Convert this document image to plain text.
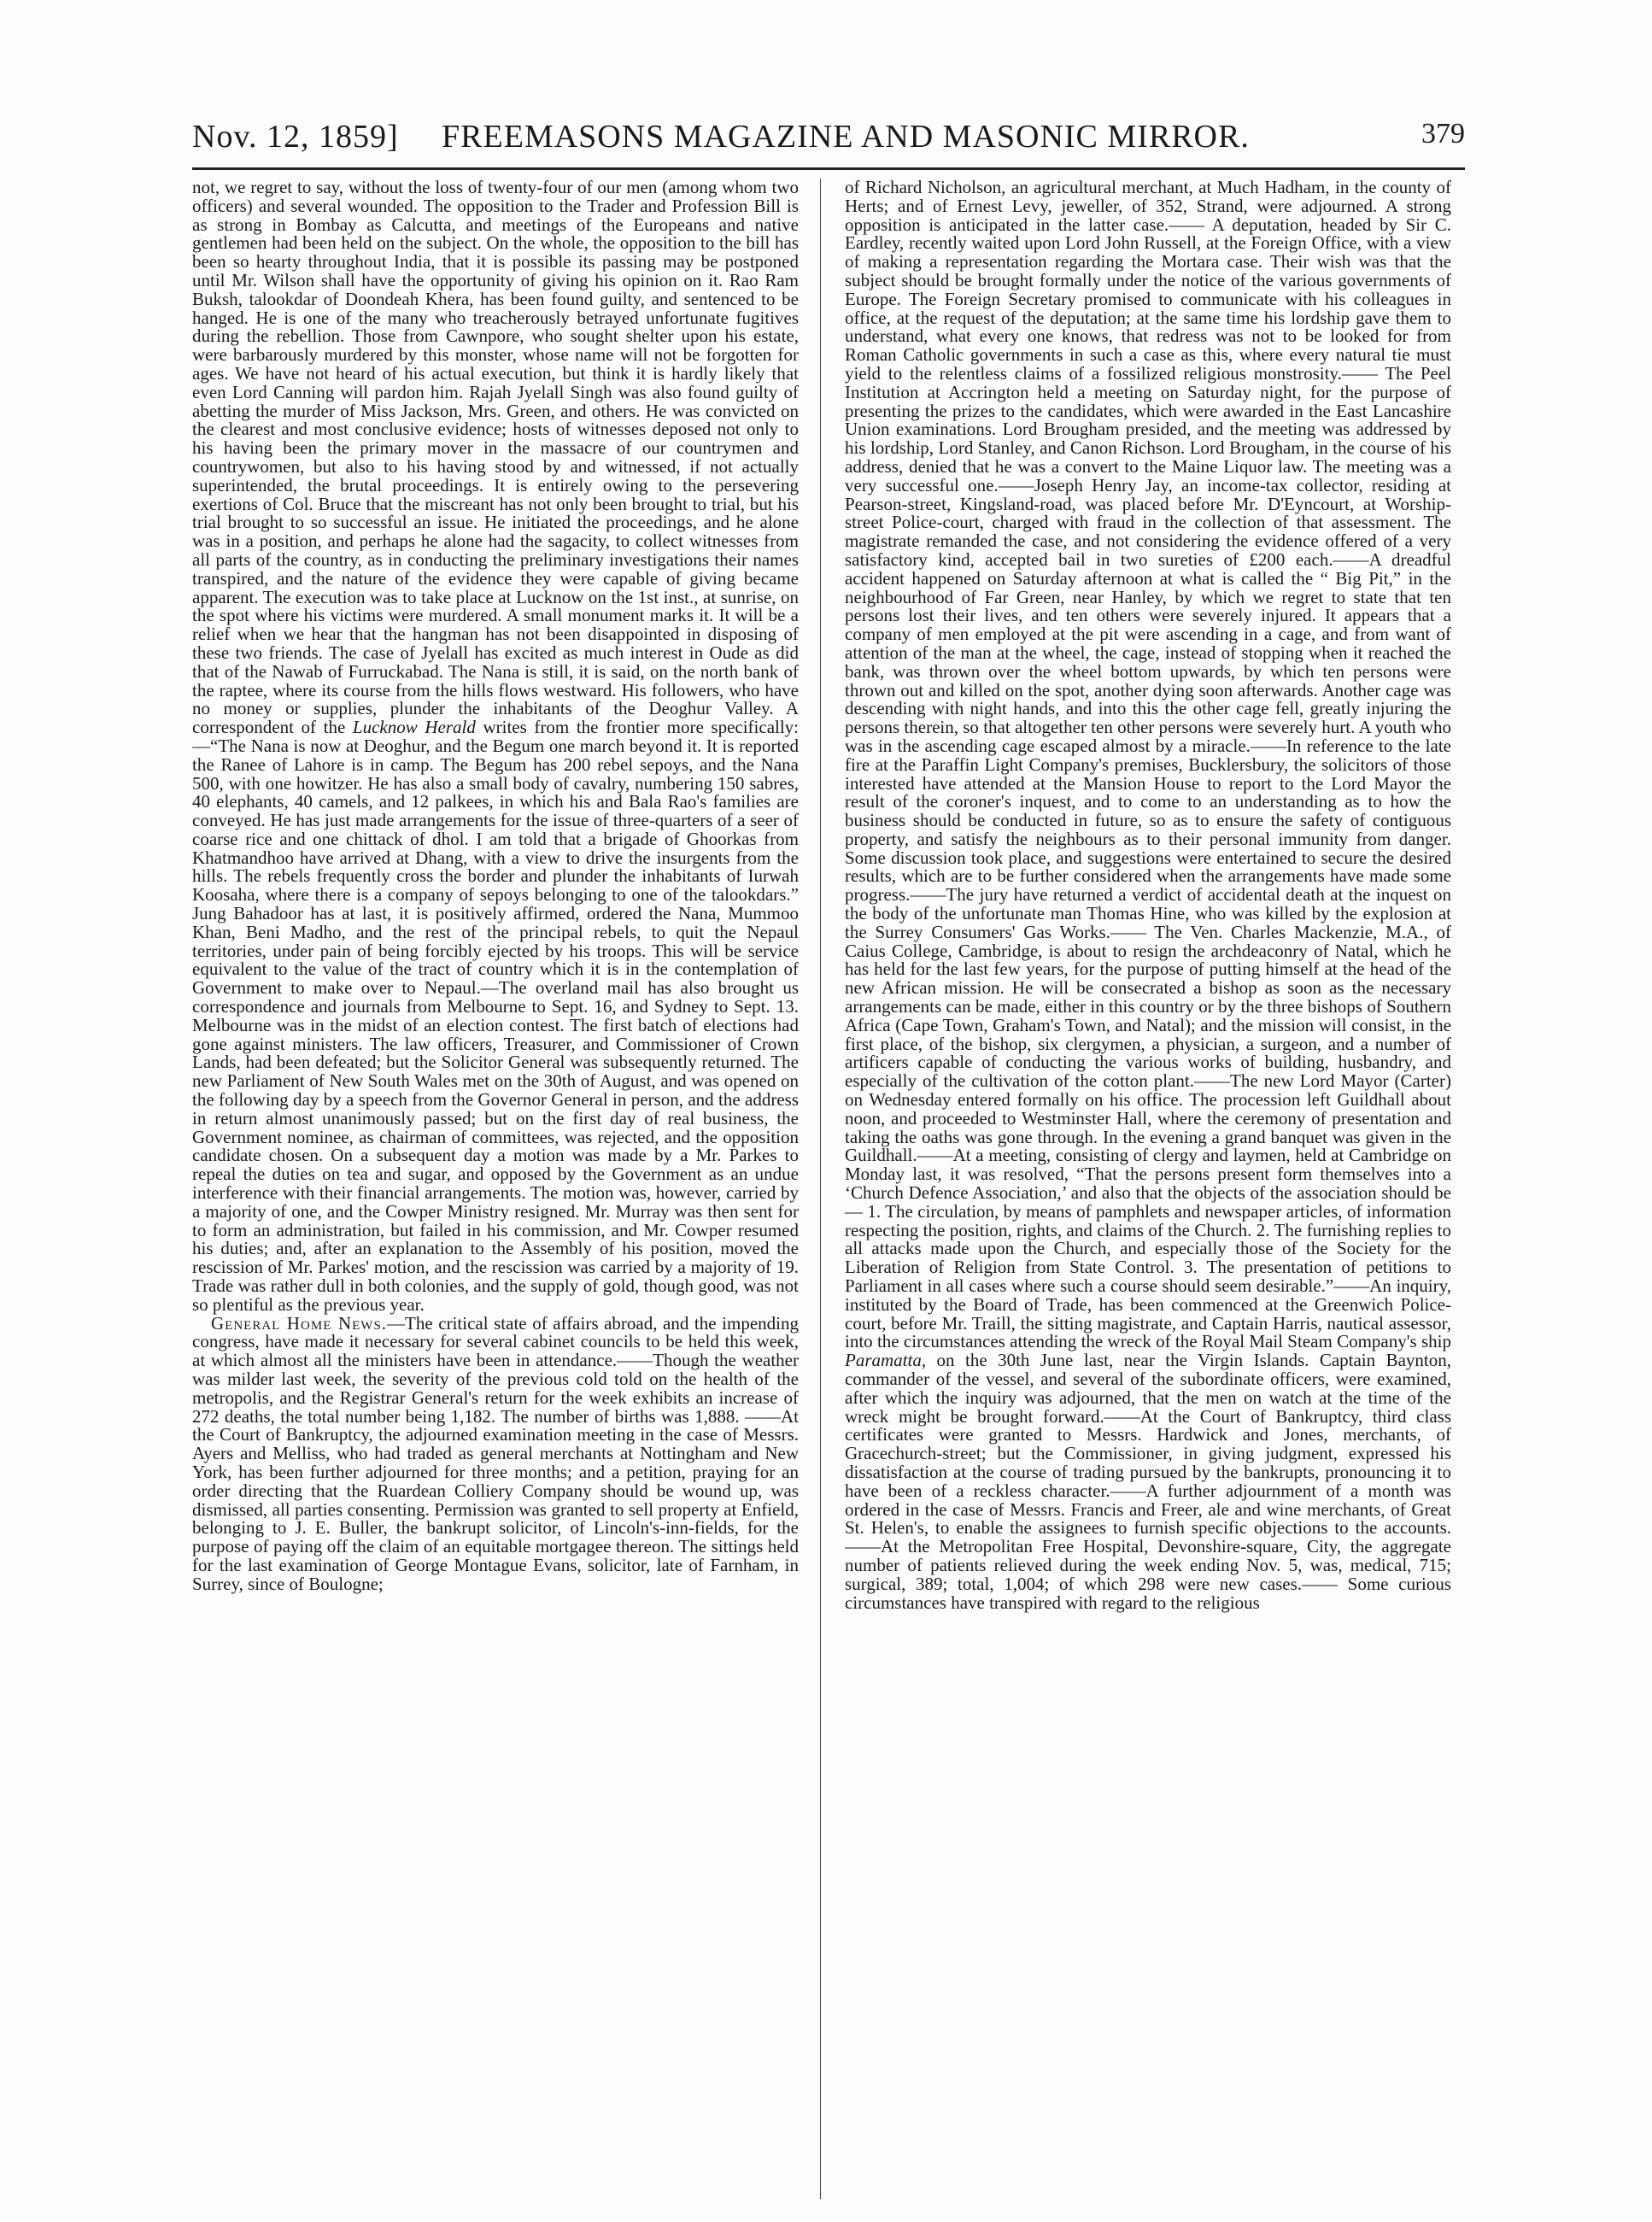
Nov. 12, 1859] FREEMASONS MAGAZINE AND MASONIC MIRROR.	379

not, we regret to say, without the loss of twenty-four of our men (among whom two officers) and several wounded. The opposition to the Trader and Profession Bill is as strong in Bombay as Calcutta, and meetings of the Europeans and native gentlemen had been held on the subject. On the whole, the opposition to the bill has been so hearty throughout India, that it is possible its passing may be postponed until Mr. Wilson shall have the opportunity of giving his opinion on it. Rao Ram Buksh, talookdar of Doondeah Khera, has been found guilty, and sentenced to be hanged. He is one of the many who treacherously betrayed unfortunate fugitives during the rebellion. Those from Cawnpore, who sought shelter upon his estate, were barbarously murdered by this monster, whose name will not be forgotten for ages. We have not heard of his actual execution, but think it is hardly likely that even Lord Canning will pardon him. Rajah Jyelall Singh was also found guilty of abetting the murder of Miss Jackson, Mrs. Green, and others. He was convicted on the clearest and most conclusive evidence; hosts of witnesses deposed not only to his having been the primary mover in the massacre of our countrymen and countrywomen, but also to his having stood by and witnessed, if not actually superintended, the brutal proceedings. It is entirely owing to the persevering exertions of Col. Bruce that the miscreant has not only been brought to trial, but his trial brought to so successful an issue. He initiated the proceedings, and he alone was in a position, and perhaps he alone had the sagacity, to collect witnesses from all parts of the country, as in conducting the preliminary investigations their names transpired, and the nature of the evidence they were capable of giving became apparent. The execution was to take place at Lucknow on the 1st inst., at sunrise, on the spot where his victims were murdered. A small monument marks it. It will be a relief when we hear that the hangman has not been disappointed in disposing of these two friends. The case of Jyelall has excited as much interest in Oude as did that of the Nawab of Furruckabad. The Nana is still, it is said, on the north bank of the raptee, where its course from the hills flows westward. His followers, who have no money or supplies, plunder the inhabitants of the Deoghur Valley. A correspondent of the Lucknow Herald writes from the frontier more specifically:—“The Nana is now at Deoghur, and the Begum one march beyond it. It is reported the Ranee of Lahore is in camp. The Begum has 200 rebel sepoys, and the Nana 500, with one howitzer. He has also a small body of cavalry, numbering 150 sabres, 40 elephants, 40 camels, and 12 palkees, in which his and Bala Rao's families are conveyed. He has just made arrangements for the issue of three-quarters of a seer of coarse rice and one chittack of dhol. I am told that a brigade of Ghoorkas from Khatmandhoo have arrived at Dhang, with a view to drive the insurgents from the hills. The rebels frequently cross the border and plunder the inhabitants of Iurwah Koosaha, where there is a company of sepoys belonging to one of the talookdars.” Jung Bahadoor has at last, it is positively affirmed, ordered the Nana, Mummoo Khan, Beni Madho, and the rest of the principal rebels, to quit the Nepaul territories, under pain of being forcibly ejected by his troops. This will be service equivalent to the value of the tract of country which it is in the contemplation of Government to make over to Nepaul.—The overland mail has also brought us correspondence and journals from Melbourne to Sept. 16, and Sydney to Sept. 13. Melbourne was in the midst of an election contest. The first batch of elections had gone against ministers. The law officers, Treasurer, and Commissioner of Crown Lands, had been defeated; but the Solicitor General was subsequently returned. The new Parliament of New South Wales met on the 30th of August, and was opened on the following day by a speech from the Governor General in person, and the address in return almost unanimously passed; but on the first day of real business, the Government nominee, as chairman of committees, was rejected, and the opposition candidate chosen. On a subsequent day a motion was made by a Mr. Parkes to repeal the duties on tea and sugar, and opposed by the Government as an undue interference with their financial arrangements. The motion was, however, carried by a majority of one, and the Cowper Ministry resigned. Mr. Murray was then sent for to form an administration, but failed in his commission, and Mr. Cowper resumed his duties; and, after an explanation to the Assembly of his position, moved the rescission of Mr. Parkes' motion, and the rescission was carried by a majority of 19. Trade was rather dull in both colonies, and the supply of gold, though good, was not so plentiful as the previous year.

General Home News.—The critical state of affairs abroad, and the impending congress, have made it necessary for several cabinet councils to be held this week, at which almost all the ministers have been in attendance.——Though the weather was milder last week, the severity of the previous cold told on the health of the metropolis, and the Registrar General's return for the week exhibits an increase of 272 deaths, the total number being 1,182. The number of births was 1,888. ——At the Court of Bankruptcy, the adjourned examination meeting in the case of Messrs. Ayers and Melliss, who had traded as general merchants at Nottingham and New York, has been further adjourned for three months; and a petition, praying for an order directing that the Ruardean Colliery Company should be wound up, was dismissed, all parties consenting. Permission was granted to sell property at Enfield, belonging to J. E. Buller, the bankrupt solicitor, of Lincoln's-inn-fields, for the purpose of paying off the claim of an equitable mortgagee thereon. The sittings held for the last examination of George Montague Evans, solicitor, late of Farnham, in Surrey, since of Boulogne;

of Richard Nicholson, an agricultural merchant, at Much Hadham, in the county of Herts; and of Ernest Levy, jeweller, of 352, Strand, were adjourned. A strong opposition is anticipated in the latter case.—— A deputation, headed by Sir C. Eardley, recently waited upon Lord John Russell, at the Foreign Office, with a view of making a representation regarding the Mortara case. Their wish was that the subject should be brought formally under the notice of the various governments of Europe. The Foreign Secretary promised to communicate with his colleagues in office, at the request of the deputation; at the same time his lordship gave them to understand, what every one knows, that redress was not to be looked for from Roman Catholic governments in such a case as this, where every natural tie must yield to the relentless claims of a fossilized religious monstrosity.—— The Peel Institution at Accrington held a meeting on Saturday night, for the purpose of presenting the prizes to the candidates, which were awarded in the East Lancashire Union examinations. Lord Brougham presided, and the meeting was addressed by his lordship, Lord Stanley, and Canon Richson. Lord Brougham, in the course of his address, denied that he was a convert to the Maine Liquor law. The meeting was a very successful one.——Joseph Henry Jay, an income-tax collector, residing at Pearson-street, Kingsland-road, was placed before Mr. D'Eyncourt, at Worship-street Police-court, charged with fraud in the collection of that assessment. The magistrate remanded the case, and not considering the evidence offered of a very satisfactory kind, accepted bail in two sureties of £200 each.——A dreadful accident happened on Saturday afternoon at what is called the “ Big Pit,” in the neighbourhood of Far Green, near Hanley, by which we regret to state that ten persons lost their lives, and ten others were severely injured. It appears that a company of men employed at the pit were ascending in a cage, and from want of attention of the man at the wheel, the cage, instead of stopping when it reached the bank, was thrown over the wheel bottom upwards, by which ten persons were thrown out and killed on the spot, another dying soon afterwards. Another cage was descending with night hands, and into this the other cage fell, greatly injuring the persons therein, so that altogether ten other persons were severely hurt. A youth who was in the ascending cage escaped almost by a miracle.——In reference to the late fire at the Paraffin Light Company's premises, Bucklersbury, the solicitors of those interested have attended at the Mansion House to report to the Lord Mayor the result of the coroner's inquest, and to come to an understanding as to how the business should be conducted in future, so as to ensure the safety of contiguous property, and satisfy the neighbours as to their personal immunity from danger. Some discussion took place, and suggestions were entertained to secure the desired results, which are to be further considered when the arrangements have made some progress.——The jury have returned a verdict of accidental death at the inquest on the body of the unfortunate man Thomas Hine, who was killed by the explosion at the Surrey Consumers' Gas Works.—— The Ven. Charles Mackenzie, M.A., of Caius College, Cambridge, is about to resign the archdeaconry of Natal, which he has held for the last few years, for the purpose of putting himself at the head of the new African mission. He will be consecrated a bishop as soon as the necessary arrangements can be made, either in this country or by the three bishops of Southern Africa (Cape Town, Graham's Town, and Natal); and the mission will consist, in the first place, of the bishop, six clergymen, a physician, a surgeon, and a number of artificers capable of conducting the various works of building, husbandry, and especially of the cultivation of the cotton plant.——The new Lord Mayor (Carter) on Wednesday entered formally on his office. The procession left Guildhall about noon, and proceeded to Westminster Hall, where the ceremony of presentation and taking the oaths was gone through. In the evening a grand banquet was given in the Guildhall.——At a meeting, consisting of clergy and laymen, held at Cambridge on Monday last, it was resolved, “That the persons present form themselves into a ‘Church Defence Association,’ and also that the objects of the association should be— 1. The circulation, by means of pamphlets and newspaper articles, of information respecting the position, rights, and claims of the Church. 2. The furnishing replies to all attacks made upon the Church, and especially those of the Society for the Liberation of Religion from State Control. 3. The presentation of petitions to Parliament in all cases where such a course should seem desirable.”——An inquiry, instituted by the Board of Trade, has been commenced at the Greenwich Police-court, before Mr. Traill, the sitting magistrate, and Captain Harris, nautical assessor, into the circumstances attending the wreck of the Royal Mail Steam Company's ship Paramatta, on the 30th June last, near the Virgin Islands. Captain Baynton, commander of the vessel, and several of the subordinate officers, were examined, after which the inquiry was adjourned, that the men on watch at the time of the wreck might be brought forward.——At the Court of Bankruptcy, third class certificates were granted to Messrs. Hardwick and Jones, merchants, of Gracechurch-street; but the Commissioner, in giving judgment, expressed his dissatisfaction at the course of trading pursued by the bankrupts, pronouncing it to have been of a reckless character.——A further adjournment of a month was ordered in the case of Messrs. Francis and Freer, ale and wine merchants, of Great St. Helen's, to enable the assignees to furnish specific objections to the accounts.——At the Metropolitan Free Hospital, Devonshire-square, City, the aggregate number of patients relieved during the week ending Nov. 5, was, medical, 715; surgical, 389; total, 1,004; of which 298 were new cases.—— Some curious circumstances have transpired with regard to the religious
